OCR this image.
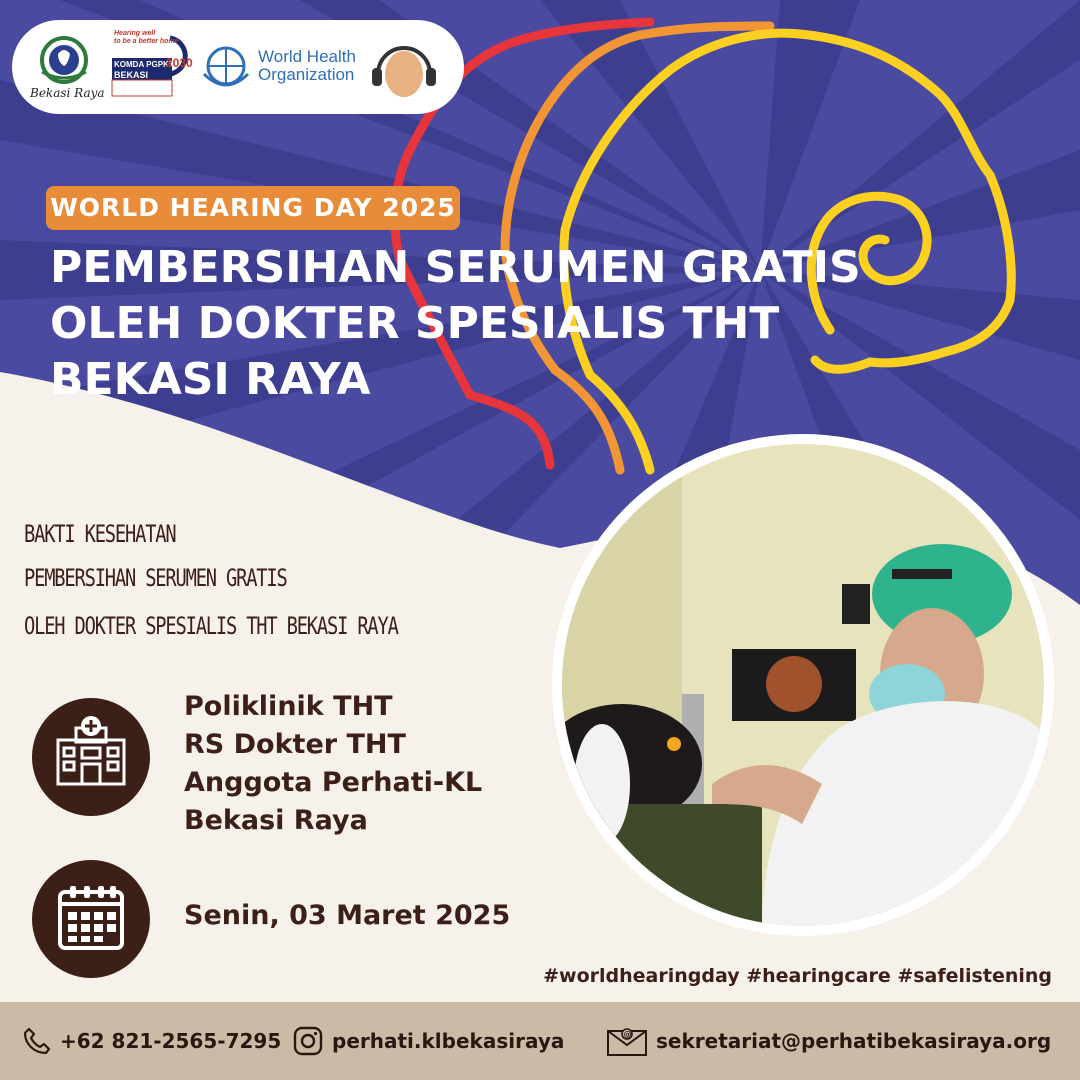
Bekasi Raya
Hearing well
to be a better home
KOMDA PGPKT
BEKASI
2030	World Health
Organization
WORLD HEARING DAY 2025
PEMBERSIHAN SERUMEN GRATIS
OLEH DOKTER SPESIALIS THT
BEKASI RAYA
BAKTI KESEHATAN
PEMBERSIHAN SERUMEN GRATIS
OLEH DOKTER SPESIALIS THT BEKASI RAYA
Poliklinik THT
RS Dokter THT
Anggota Perhati-KL
Bekasi Raya
Senin, 03 Maret 2025
#worldhearingday #hearingcare #safelistening
+62 821-2565-7295	perhati.klbekasiraya	@ sekretariat@perhatibekasiraya.org
